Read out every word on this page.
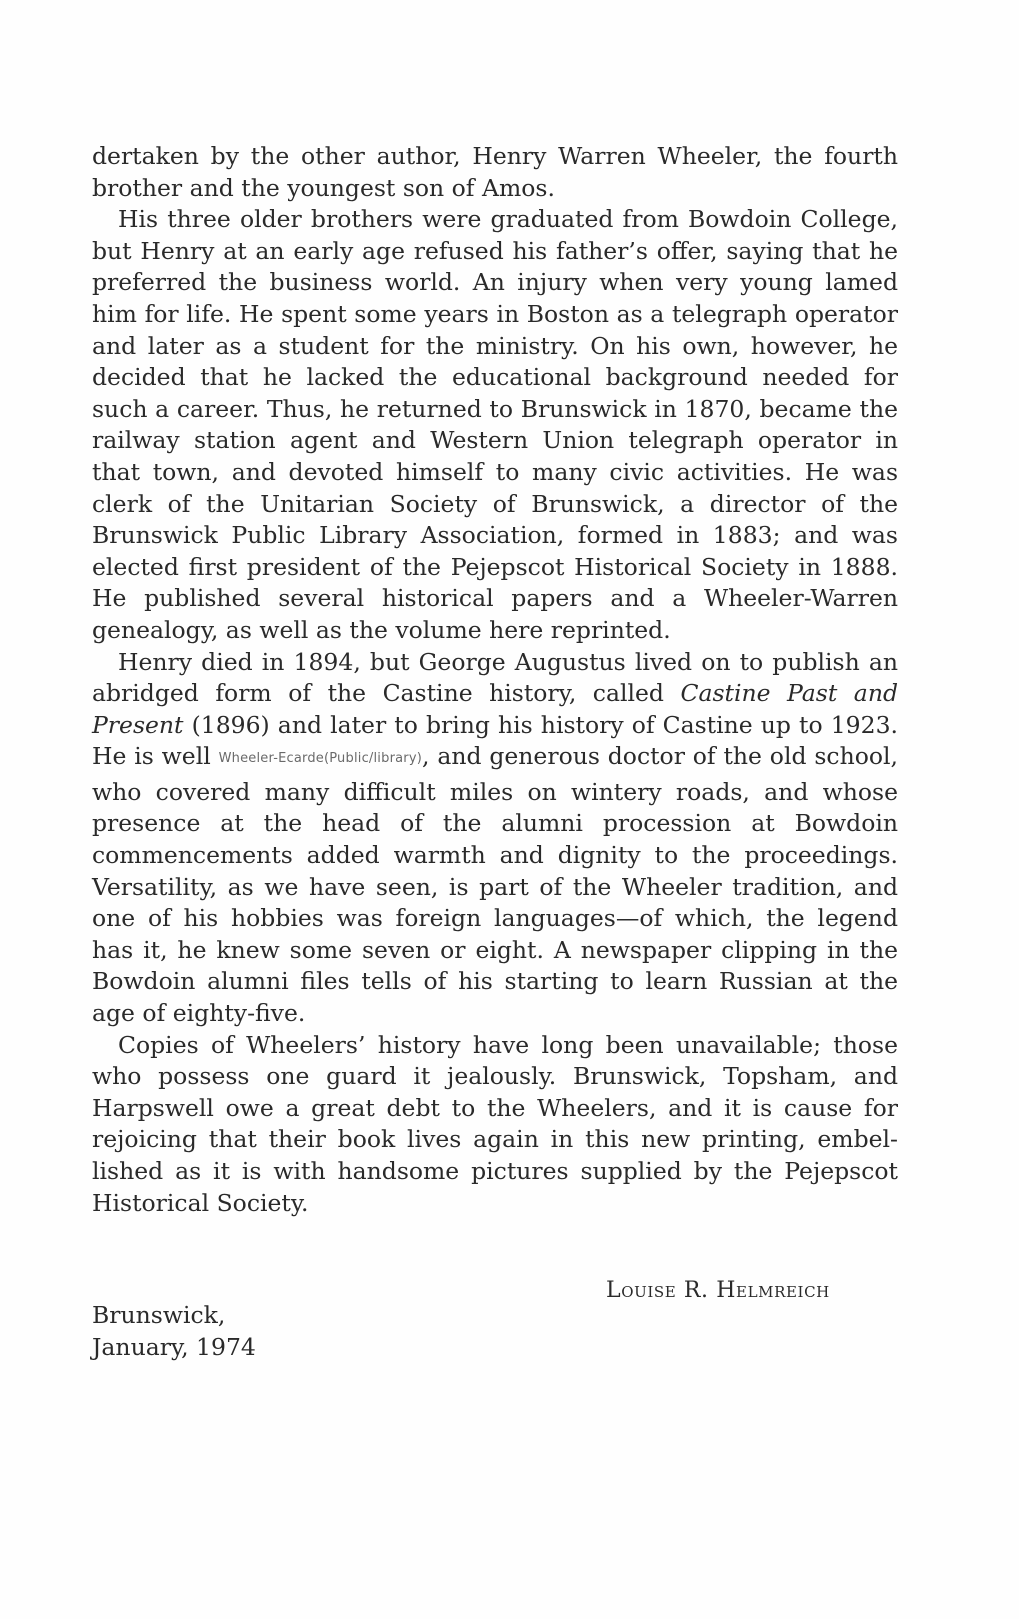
dertaken by the other author, Henry Warren Wheeler, the fourth brother and the youngest son of Amos.

His three older brothers were graduated from Bowdoin College, but Henry at an early age refused his father’s offer, saying that he preferred the business world. An injury when very young lamed him for life. He spent some years in Boston as a telegraph operator and later as a student for the ministry. On his own, however, he decided that he lacked the educational background needed for such a career. Thus, he returned to Brunswick in 1870, became the railway station agent and Western Union telegraph operator in that town, and devoted himself to many civic activities. He was clerk of the Unitarian Society of Brunswick, a director of the Brunswick Public Library Association, formed in 1883; and was elected first president of the Pejepscot Historical Society in 1888. He published several historical papers and a Wheeler-Warren genealogy, as well as the volume here reprinted.

Henry died in 1894, but George Augustus lived on to publish an abridged form of the Castine history, called Castine Past and Present (1896) and later to bring his history of Castine up to 1923. He is well Wheeler-Ecarde(Public/library), and generous doctor of the old school, who covered many difficult miles on wintery roads, and whose presence at the head of the alumni procession at Bowdoin commencements added warmth and dignity to the proceedings. Versatility, as we have seen, is part of the Wheeler tradition, and one of his hobbies was foreign languages—of which, the legend has it, he knew some seven or eight. A newspaper clipping in the Bowdoin alumni files tells of his starting to learn Russian at the age of eighty-five.

Copies of Wheelers’ history have long been unavailable; those who possess one guard it jealously. Brunswick, Topsham, and Harpswell owe a great debt to the Wheelers, and it is cause for rejoicing that their book lives again in this new printing, embellished as it is with handsome pictures supplied by the Pejepscot Historical Society.

Louise R. Helmreich
Brunswick,
January, 1974
